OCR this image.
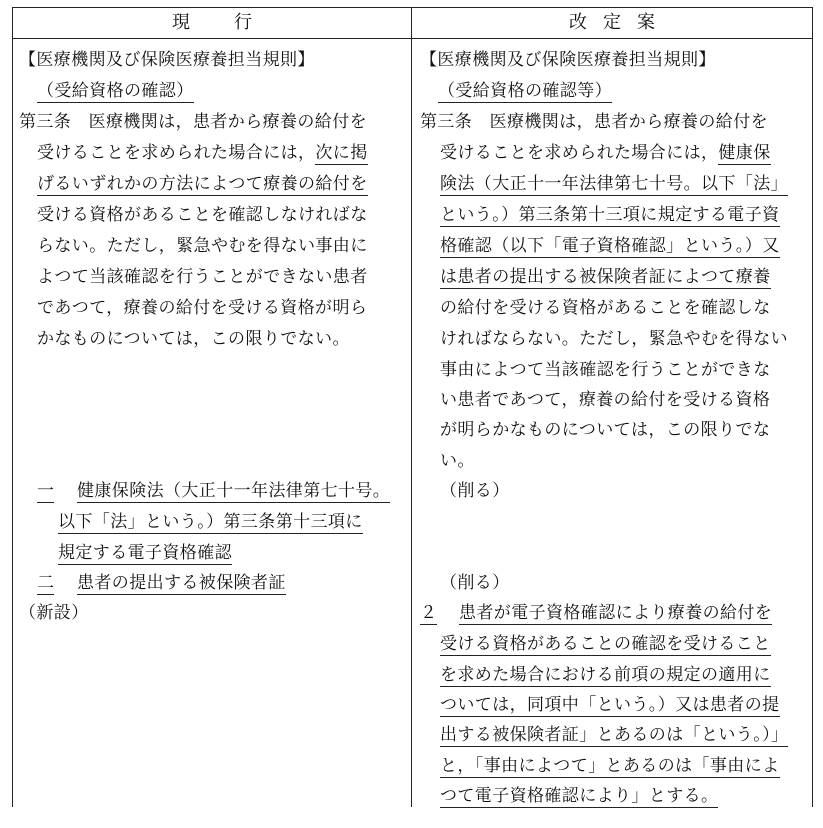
現行	改定案
【医療機関及び保険医療養担当規則】
（受給資格の確認）
第三条　医療機関は，患者から療養の給付を
受けることを求められた場合には，次に掲
げるいずれかの方法によつて療養の給付を
受ける資格があることを確認しなければな
らない。ただし，緊急やむを得ない事由に
よつて当該確認を行うことができない患者
であつて，療養の給付を受ける資格が明ら
かなものについては，この限りでない。
一 健康保険法（大正十一年法律第七十号。
以下「法」という。）第三条第十三項に
規定する電子資格確認
二 患者の提出する被保険者証
（新設）
【医療機関及び保険医療養担当規則】
（受給資格の確認等）
第三条　医療機関は，患者から療養の給付を
受けることを求められた場合には，健康保
険法（大正十一年法律第七十号。以下「法」
という。）第三条第十三項に規定する電子資
格確認（以下「電子資格確認」という。）又
は患者の提出する被保険者証によつて療養
の給付を受ける資格があることを確認しな
ければならない。ただし，緊急やむを得ない
事由によつて当該確認を行うことができな
い患者であつて，療養の給付を受ける資格
が明らかなものについては，この限りでな
い。
（削る）
（削る）
２ 患者が電子資格確認により療養の給付を
受ける資格があることの確認を受けること
を求めた場合における前項の規定の適用に
ついては，同項中「という。）又は患者の提
出する被保険者証」とあるのは「という。）」
と，「事由によつて」とあるのは「事由によ
つて電子資格確認により」とする。
